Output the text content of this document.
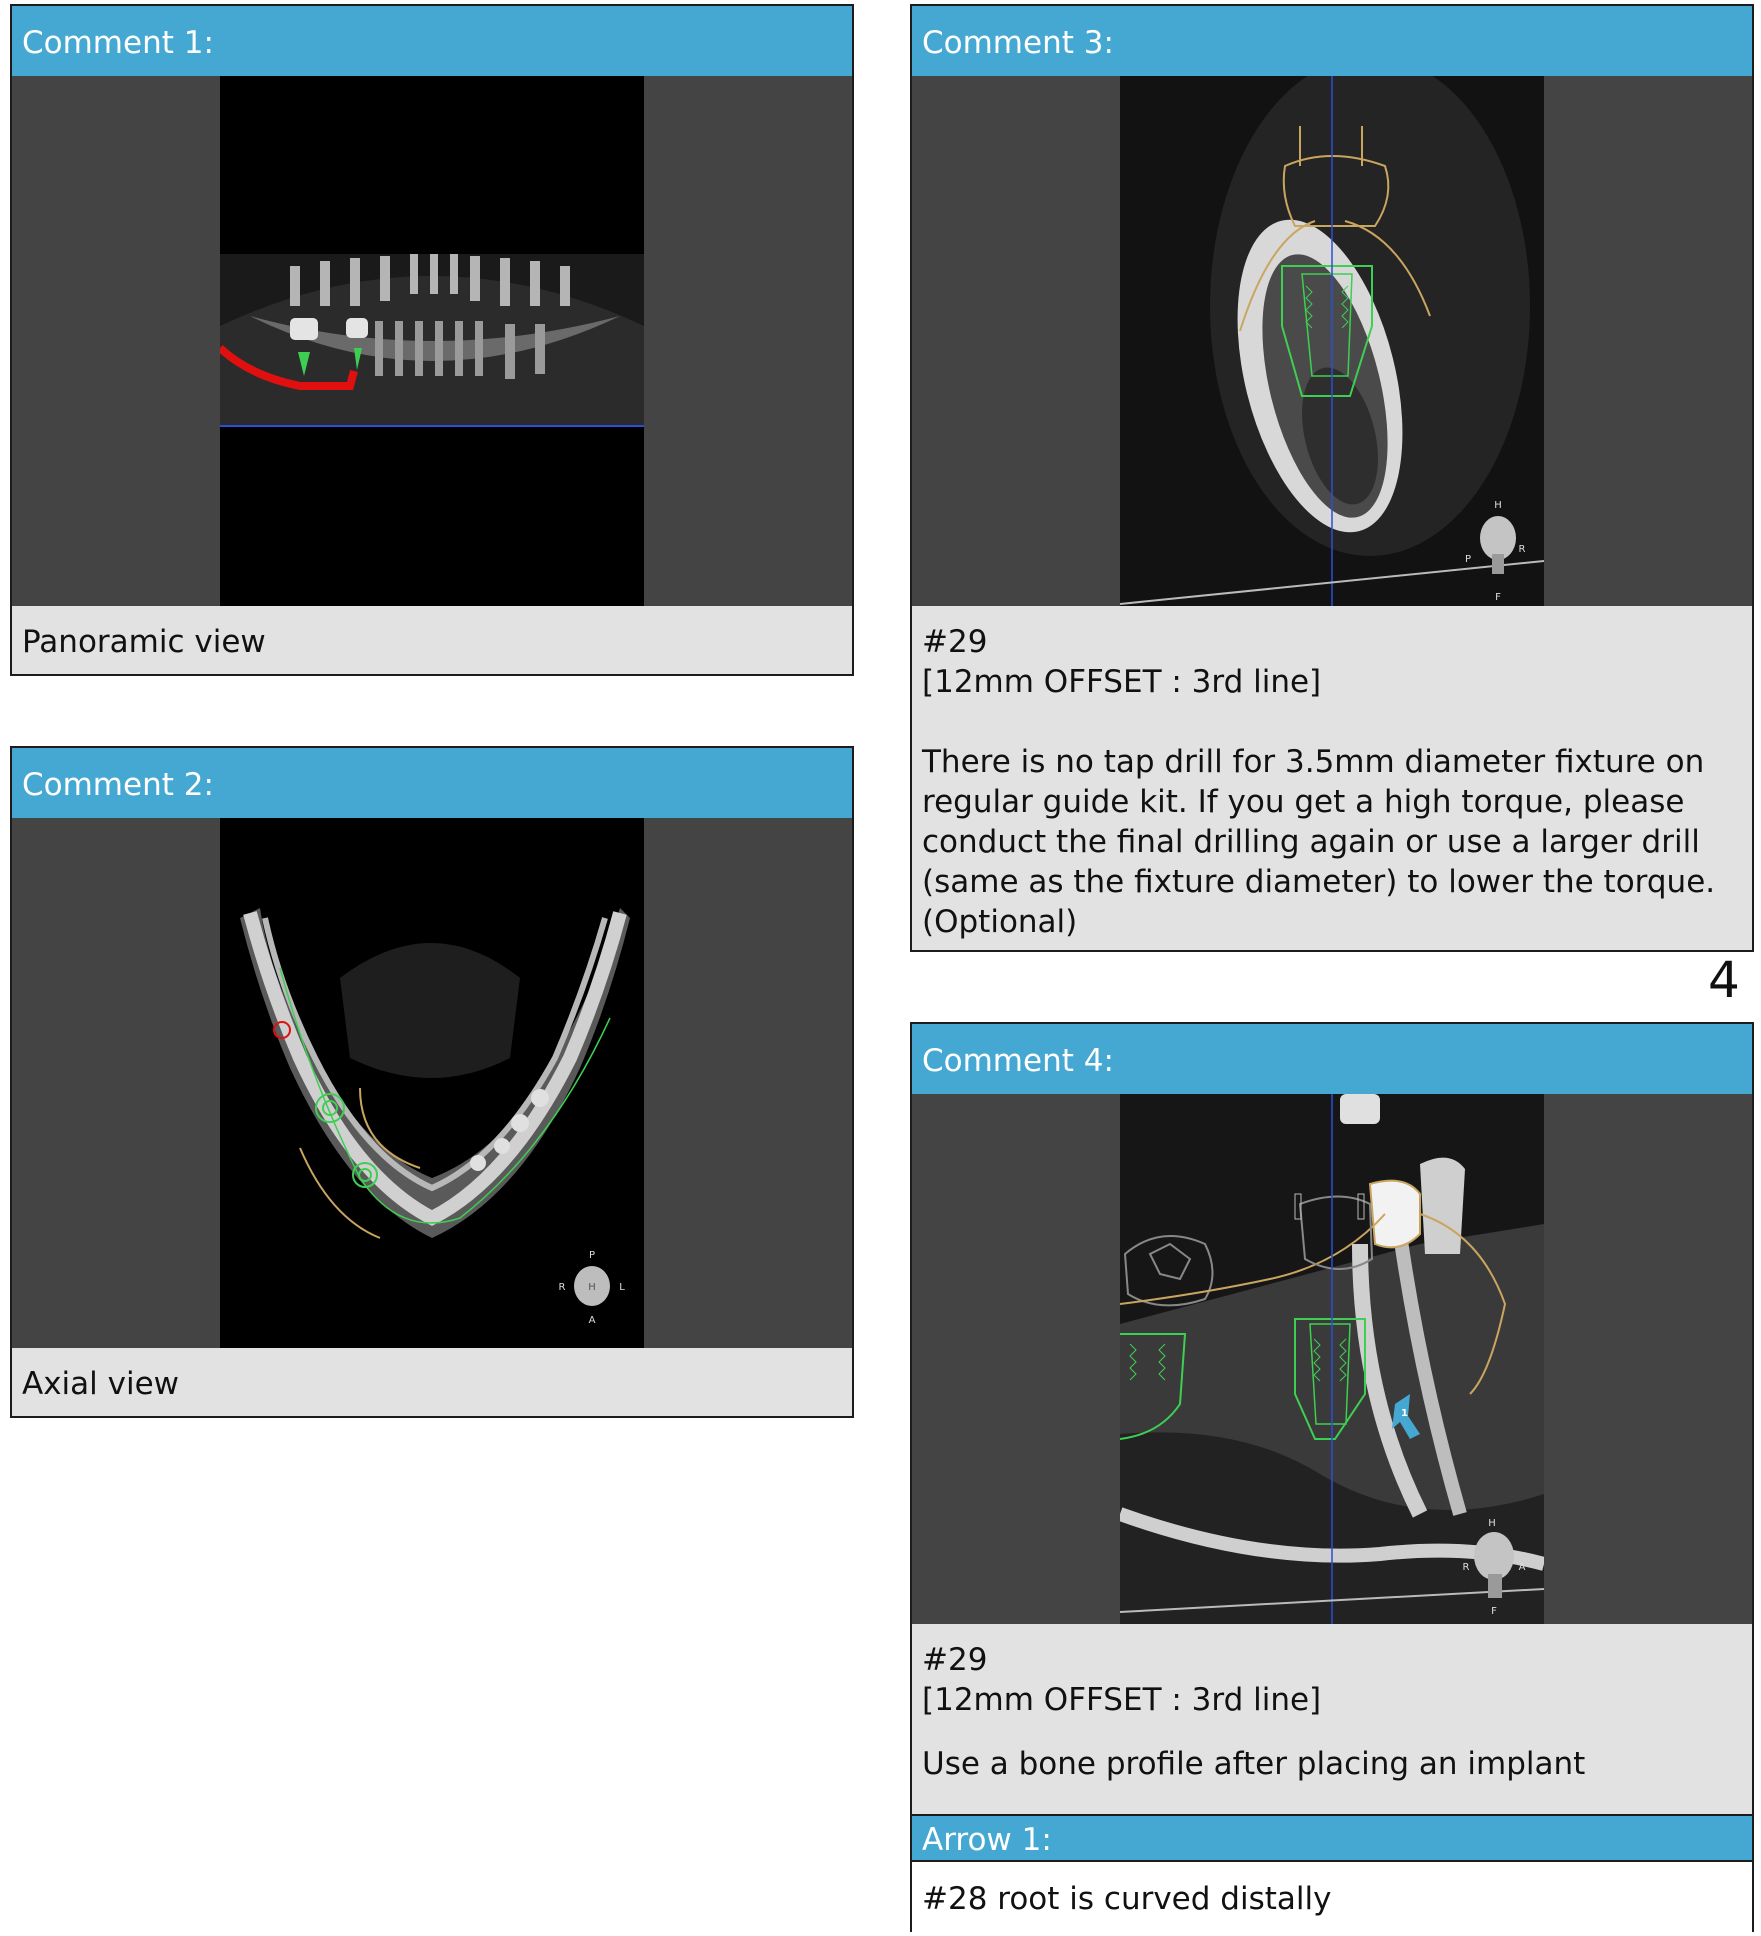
Comment 1:

Panoramic view

Comment 2:
P
R H L
A

Axial view

Comment 3:
H
P
R
F

#29

[12mm OFFSET : 3rd line]

There is no tap drill for 3.5mm diameter fixture on

regular guide kit. If you get a high torque, please

conduct the final drilling again or use a larger drill

(same as the fixture diameter) to lower the torque.

(Optional)

4
Comment 4:
1
H
R	A
F

#29

[12mm OFFSET : 3rd line]

Use a bone profile after placing an implant

Arrow 1:
#28 root is curved distally
